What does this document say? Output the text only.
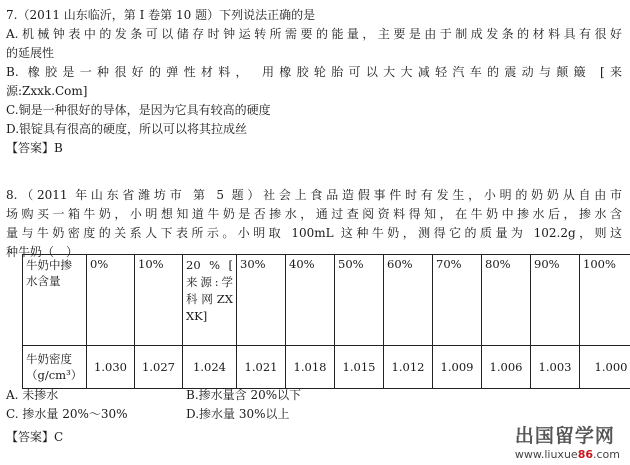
7.（2011 山东临沂，第 I 卷第 10 题）下列说法正确的是
A.机械钟表中的发条可以储存时钟运转所需要的能量，主要是由于制成发条的材料具有很好
的延展性
B. 橡胶是一种很好的弹性材料， 用橡胶轮胎可以大大减轻汽车的震动与颠簸 [来
源:Zxxk.Com]
C.铜是一种很好的导体，是因为它具有较高的硬度
D.银锭具有很高的硬度，所以可以将其拉成丝
【答案】B
8.（2011 年山东省潍坊市 第 5 题）社会上食品造假事件时有发生，小明的奶奶从自由市
场购买一箱牛奶，小明想知道牛奶是否掺水，通过查阅资料得知，在牛奶中掺水后，掺水含
量与牛奶密度的关系人下表所示。小明取 100mL 这种牛奶，测得它的质量为 102.2g，则这
种牛奶（　）
牛奶中掺水含量	0%	10%	20 % [ 来源:学科网ZXXK]	30%	40%	50%	60%	70%	80%	90%	100%
牛奶密度（g/cm³）	1.030	1.027	1.024	1.021	1.018	1.015	1.012	1.009	1.006	1.003	1.000
A. 未掺水	B.掺水量含 20%以下
C. 掺水量 20%～30%	D.掺水量 30%以上
【答案】C	出国留学网
www.liuxue86.com
